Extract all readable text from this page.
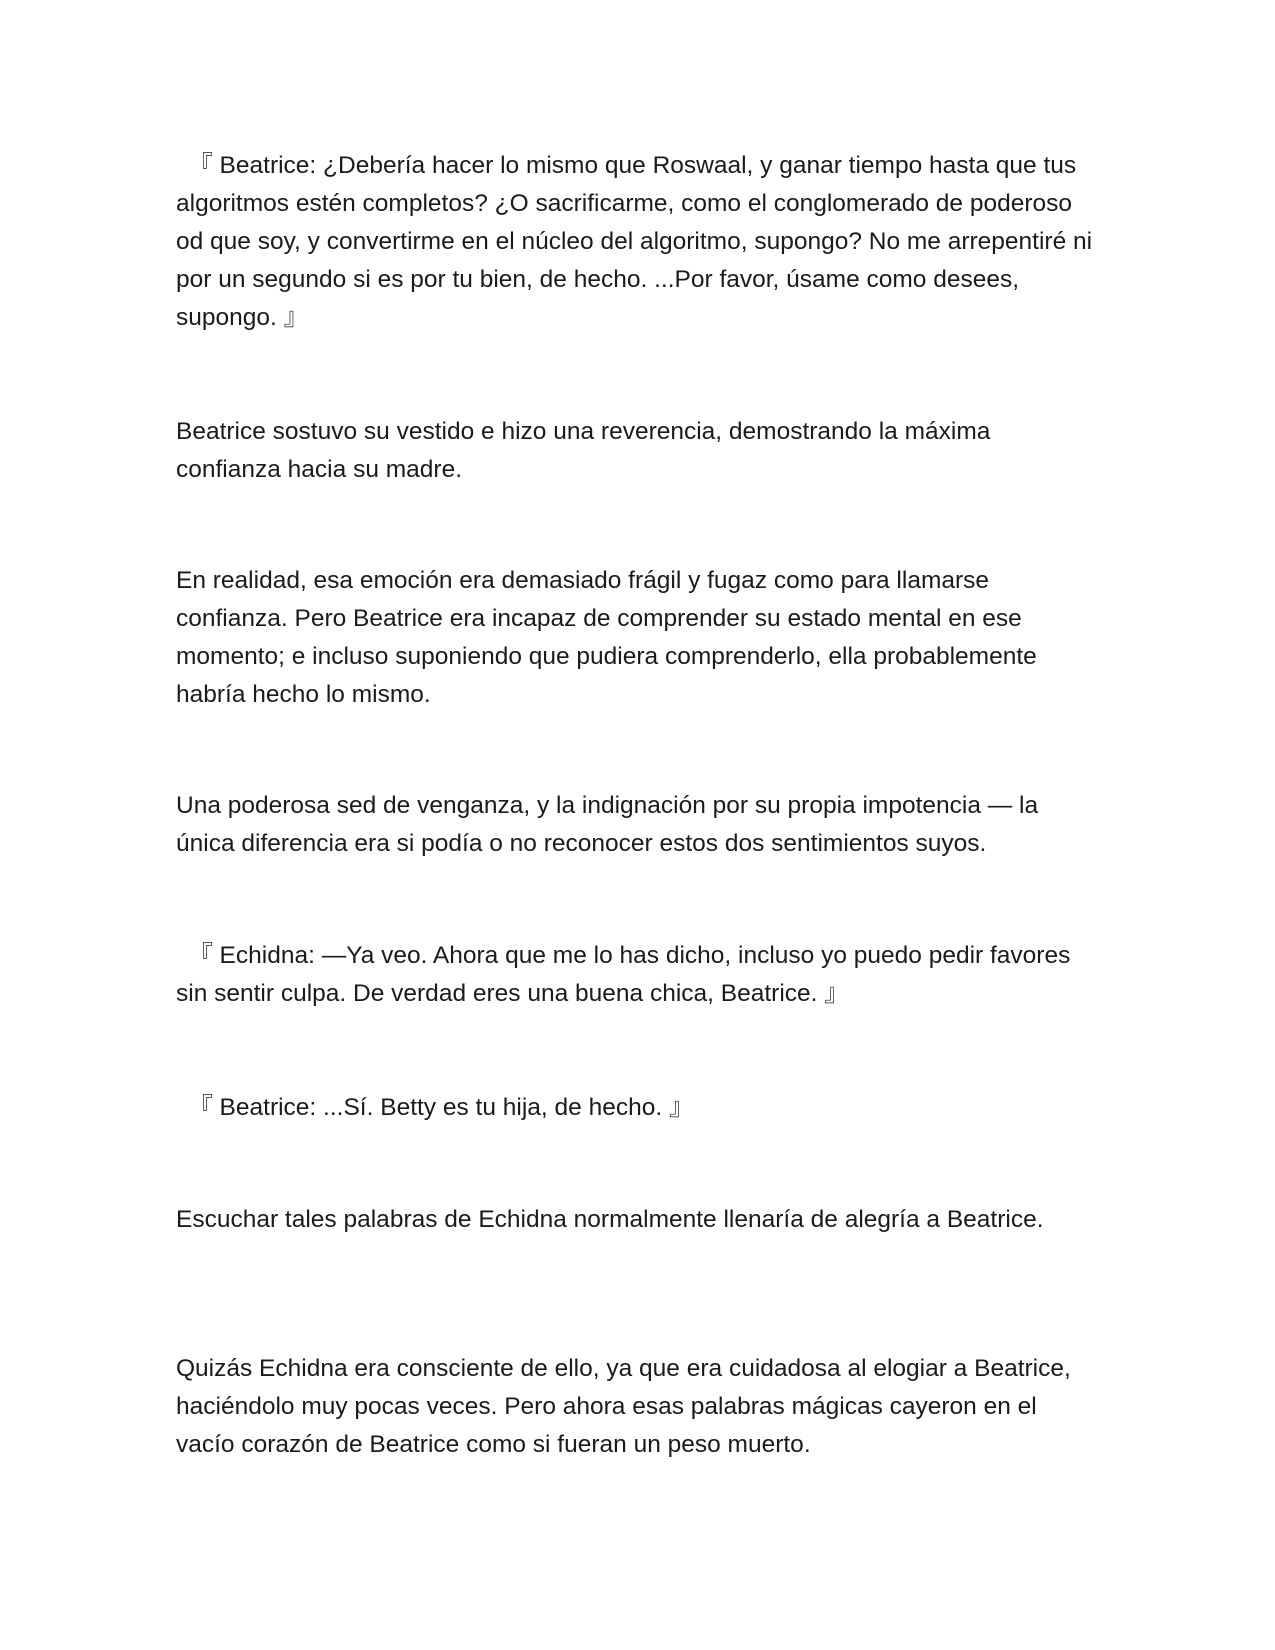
　『 Beatrice: ¿Debería hacer lo mismo que Roswaal, y ganar tiempo hasta que tus algoritmos estén completos? ¿O sacrificarme, como el conglomerado de poderoso od que soy, y convertirme en el núcleo del algoritmo, supongo? No me arrepentiré ni por un segundo si es por tu bien, de hecho. ...Por favor, úsame como desees, supongo. 』

Beatrice sostuvo su vestido e hizo una reverencia, demostrando la máxima confianza hacia su madre.

En realidad, esa emoción era demasiado frágil y fugaz como para llamarse confianza. Pero Beatrice era incapaz de comprender su estado mental en ese momento; e incluso suponiendo que pudiera comprenderlo, ella probablemente habría hecho lo mismo.

Una poderosa sed de venganza, y la indignación por su propia impotencia — la única diferencia era si podía o no reconocer estos dos sentimientos suyos.

　『 Echidna: —Ya veo. Ahora que me lo has dicho, incluso yo puedo pedir favores sin sentir culpa. De verdad eres una buena chica, Beatrice. 』

　『 Beatrice: ...Sí. Betty es tu hija, de hecho. 』

Escuchar tales palabras de Echidna normalmente llenaría de alegría a Beatrice.

Quizás Echidna era consciente de ello, ya que era cuidadosa al elogiar a Beatrice, haciéndolo muy pocas veces. Pero ahora esas palabras mágicas cayeron en el vacío corazón de Beatrice como si fueran un peso muerto.
